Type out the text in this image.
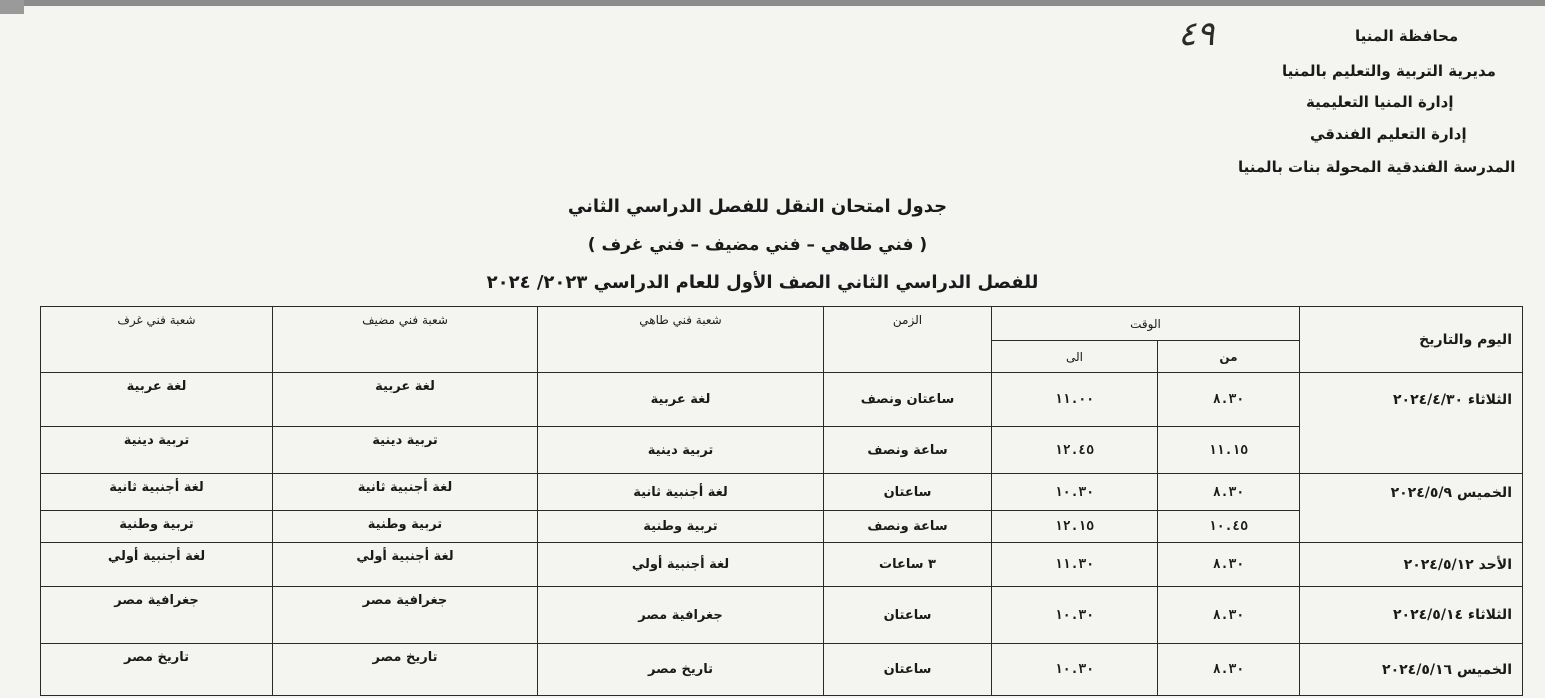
٤٩	محافظة المنيا
مديرية التربية والتعليم بالمنيا
إدارة المنيا التعليمية
إدارة التعليم الفندقي
المدرسة الفندقية المحولة بنات بالمنيا
جدول امتحان النقل للفصل الدراسي الثاني
( فني طاهي – فني مضيف – فني غرف )
للفصل الدراسي الثاني الصف الأول للعام الدراسي ٢٠٢٣/ ٢٠٢٤
اليوم والتاريخ	الوقت		الزمن	شعبة فني طاهي	شعبة فني مضيف	شعبة فني غرف
	من	الى				
الثلاثاء ٢٠٢٤/٤/٣٠	٨.٣٠	١١.٠٠	ساعتان ونصف	لغة عربية	لغة عربية	لغة عربية
	١١.١٥	١٢.٤٥	ساعة ونصف	تربية دينية	تربية دينية	تربية دينية
الخميس ٢٠٢٤/٥/٩	٨.٣٠	١٠.٣٠	ساعتان	لغة أجنبية ثانية	لغة أجنبية ثانية	لغة أجنبية ثانية
	١٠.٤٥	١٢.١٥	ساعة ونصف	تربية وطنية	تربية وطنية	تربية وطنية
الأحد ٢٠٢٤/٥/١٢	٨.٣٠	١١.٣٠	٣ ساعات	لغة أجنبية أولي	لغة أجنبية أولي	لغة أجنبية أولي
الثلاثاء ٢٠٢٤/٥/١٤	٨.٣٠	١٠.٣٠	ساعتان	جغرافية مصر	جغرافية مصر	جغرافية مصر
الخميس ٢٠٢٤/٥/١٦	٨.٣٠	١٠.٣٠	ساعتان	تاريخ مصر	تاريخ مصر	تاريخ مصر
